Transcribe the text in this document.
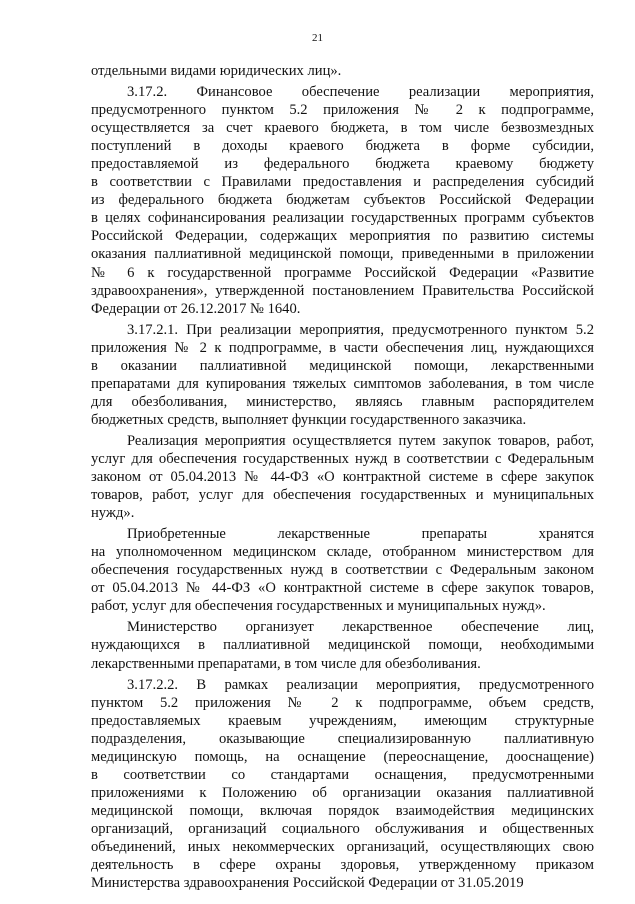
21
отдельными видами юридических лиц».
3.17.2. Финансовое обеспечение реализации мероприятия,
предусмотренного пунктом 5.2 приложения № 2 к подпрограмме,
осуществляется за счет краевого бюджета, в том числе безвозмездных
поступлений в доходы краевого бюджета в форме субсидии,
предоставляемой из федерального бюджета краевому бюджету
в соответствии с Правилами предоставления и распределения субсидий
из федерального бюджета бюджетам субъектов Российской Федерации
в целях софинансирования реализации государственных программ субъектов
Российской Федерации, содержащих мероприятия по развитию системы
оказания паллиативной медицинской помощи, приведенными в приложении
№ 6 к государственной программе Российской Федерации «Развитие
здравоохранения», утвержденной постановлением Правительства Российской
Федерации от 26.12.2017 № 1640.
3.17.2.1. При реализации мероприятия, предусмотренного пунктом 5.2
приложения № 2 к подпрограмме, в части обеспечения лиц, нуждающихся
в оказании паллиативной медицинской помощи, лекарственными
препаратами для купирования тяжелых симптомов заболевания, в том числе
для обезболивания, министерство, являясь главным распорядителем
бюджетных средств, выполняет функции государственного заказчика.
Реализация мероприятия осуществляется путем закупок товаров, работ,
услуг для обеспечения государственных нужд в соответствии с Федеральным
законом от 05.04.2013 № 44-ФЗ «О контрактной системе в сфере закупок
товаров, работ, услуг для обеспечения государственных и муниципальных
нужд».
Приобретенные лекарственные препараты хранятся
на уполномоченном медицинском складе, отобранном министерством для
обеспечения государственных нужд в соответствии с Федеральным законом
от 05.04.2013 № 44-ФЗ «О контрактной системе в сфере закупок товаров,
работ, услуг для обеспечения государственных и муниципальных нужд».
Министерство организует лекарственное обеспечение лиц,
нуждающихся в паллиативной медицинской помощи, необходимыми
лекарственными препаратами, в том числе для обезболивания.
3.17.2.2. В рамках реализации мероприятия, предусмотренного
пунктом 5.2 приложения № 2 к подпрограмме, объем средств,
предоставляемых краевым учреждениям, имеющим структурные
подразделения, оказывающие специализированную паллиативную
медицинскую помощь, на оснащение (переоснащение, дооснащение)
в соответствии со стандартами оснащения, предусмотренными
приложениями к Положению об организации оказания паллиативной
медицинской помощи, включая порядок взаимодействия медицинских
организаций, организаций социального обслуживания и общественных
объединений, иных некоммерческих организаций, осуществляющих свою
деятельность в сфере охраны здоровья, утвержденному приказом
Министерства здравоохранения Российской Федерации от 31.05.2019
